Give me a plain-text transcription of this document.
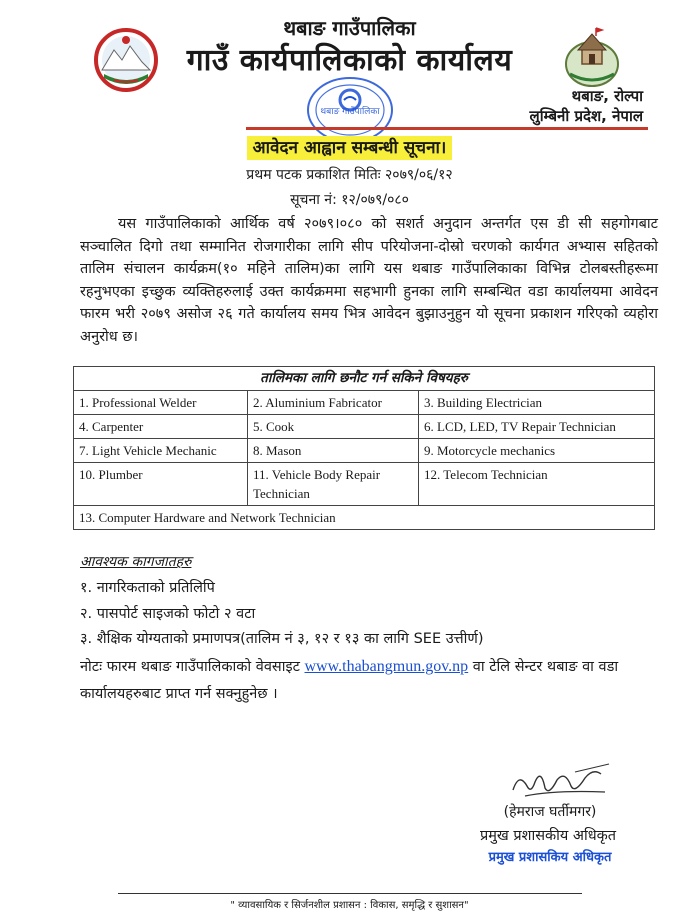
थबाङ गाउँपालिका
गाउँ कार्यपालिकाको कार्यालय
थबाङ गाउँपालिका
थबाङ, रोल्पा
लुम्बिनी प्रदेश, नेपाल
आवेदन आह्वान सम्बन्धी सूचना।
प्रथम पटक प्रकाशित मितिः २०७९/०६/१२
सूचना नं: १२/०७९/०८०
यस गाउँपालिकाको आर्थिक वर्ष २०७९।०८० को सशर्त अनुदान अन्तर्गत एस डी सी सहगोगबाट सञ्चालित दिगो तथा सम्मानित रोजगारीका लागि सीप परियोजना-दोस्रो चरणको कार्यगत अभ्यास सहितको तालिम संचालन कार्यक्रम(१० महिने तालिम)का लागि यस थबाङ गाउँपालिकाका विभिन्न टोलबस्तीहरूमा रहनुभएका इच्छुक व्यक्तिहरुलाई उक्त कार्यक्रममा सहभागी हुनका लागि सम्बन्धित वडा कार्यालयमा आवेदन फारम भरी २०७९ असोज २६ गते कार्यालय समय भित्र आवेदन बुझाउनुहुन यो सूचना प्रकाशन गरिएको व्यहोरा अनुरोध छ।
तालिमका लागि छनौट गर्न सकिने विषयहरु		
1. Professional Welder	2. Aluminium Fabricator	3. Building Electrician
4. Carpenter	5. Cook	6. LCD, LED, TV Repair Technician
7. Light Vehicle Mechanic	8. Mason	9. Motorcycle mechanics
10. Plumber	11. Vehicle Body Repair Technician	12. Telecom Technician
13. Computer Hardware and Network Technician		
आवश्यक कागजातहरु
१. नागरिकताको प्रतिलिपि
२. पासपोर्ट साइजको फोटो २ वटा
३. शैक्षिक योग्यताको प्रमाणपत्र(तालिम नं ३, १२ र १३ का लागि SEE उत्तीर्ण)
नोटः फारम थबाङ गाउँपालिकाको वेवसाइट www.thabangmun.gov.np वा टेलि सेन्टर थबाङ वा वडा कार्यालयहरुबाट प्राप्त गर्न सक्नुहुनेछ ।
(हेमराज घर्तीमगर)
प्रमुख प्रशासकीय अधिकृत
प्रमुख प्रशासकिय अधिकृत
" व्यावसायिक र सिर्जनशील प्रशासन : विकास, समृद्धि र सुशासन"
